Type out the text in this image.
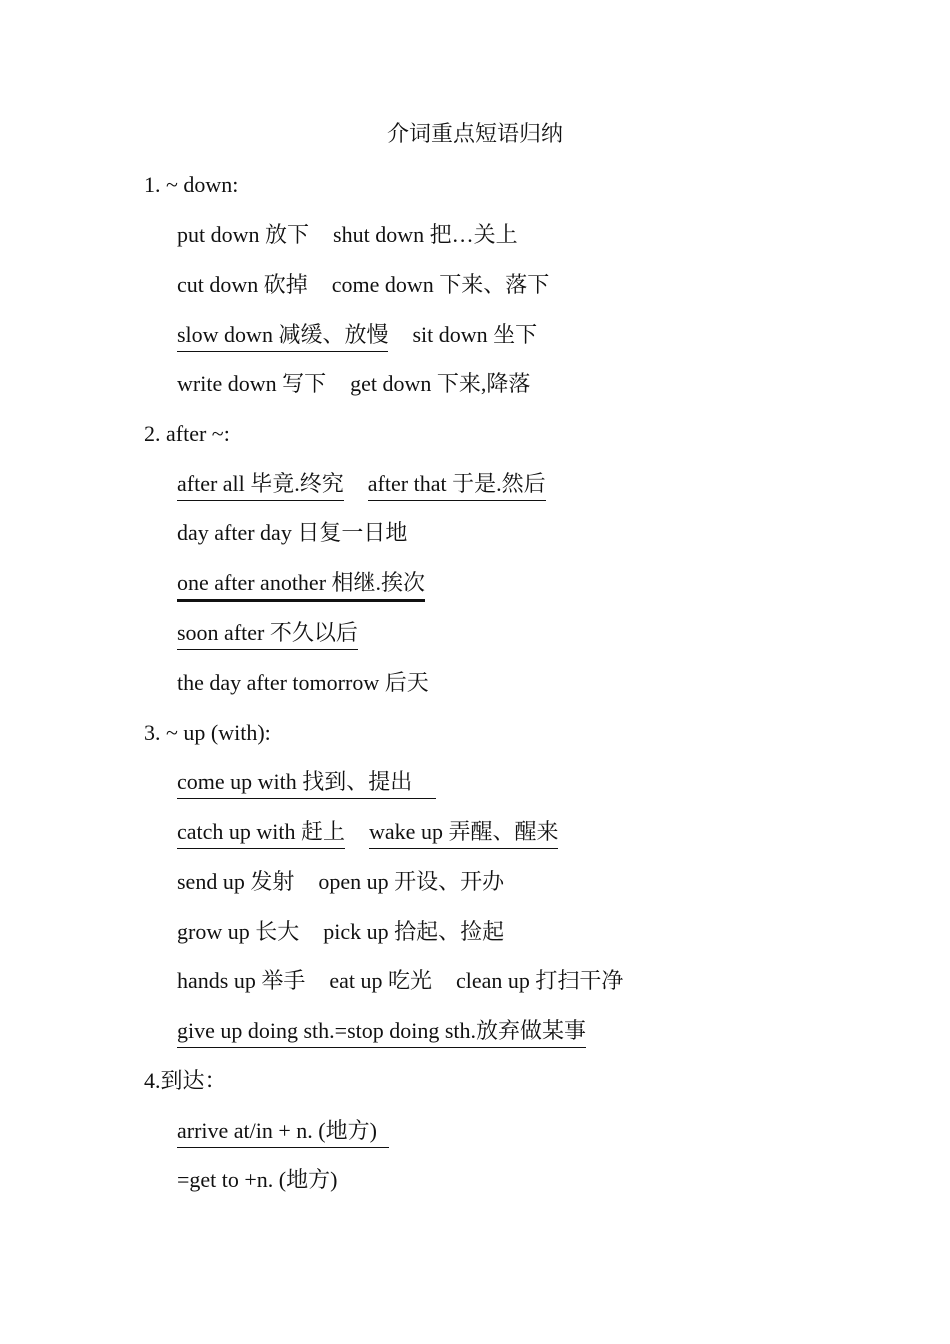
介词重点短语归纳
1. ~ down:
put down 放下 shut down 把…关上
cut down 砍掉 come down 下来、落下
slow down 减缓、放慢 sit down 坐下
write down 写下 get down 下来,降落
2. after ~:
after all 毕竟.终究 after that 于是.然后
day after day 日复一日地
one after another 相继.挨次
soon after 不久以后
the day after tomorrow 后天
3. ~ up (with):
come up with 找到、提出
catch up with 赶上 wake up 弄醒、醒来
send up 发射 open up 开设、开办
grow up 长大 pick up 拾起、捡起
hands up 举手 eat up 吃光 clean up 打扫干净
give up doing sth.=stop doing sth.放弃做某事
4.到达：
arrive at/in + n. (地方)
=get to +n. (地方)
